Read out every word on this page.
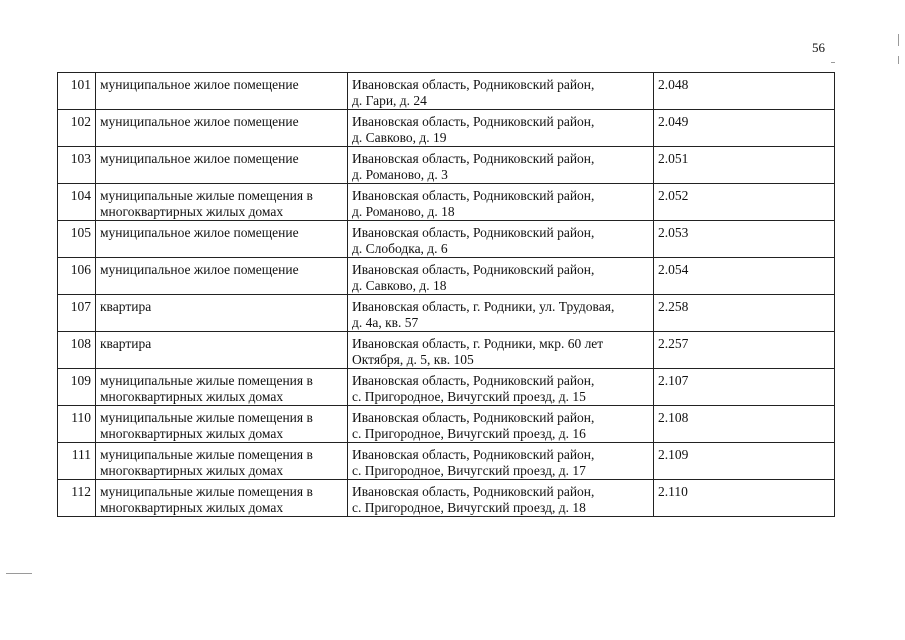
56
101	муниципальное жилое помещение	Ивановская область, Родниковский район,
д. Гари, д. 24	2.048
102	муниципальное жилое помещение	Ивановская область, Родниковский район,
д. Савково, д. 19	2.049
103	муниципальное жилое помещение	Ивановская область, Родниковский район,
д. Романово, д. 3	2.051
104	муниципальные жилые помещения в многоквартирных жилых домах	Ивановская область, Родниковский район,
д. Романово, д. 18	2.052
105	муниципальное жилое помещение	Ивановская область, Родниковский район,
д. Слободка, д. 6	2.053
106	муниципальное жилое помещение	Ивановская область, Родниковский район,
д. Савково, д. 18	2.054
107	квартира	Ивановская область, г. Родники, ул. Трудовая,
д. 4а, кв. 57	2.258
108	квартира	Ивановская область, г. Родники, мкр. 60 лет
Октября, д. 5, кв. 105	2.257
109	муниципальные жилые помещения в многоквартирных жилых домах	Ивановская область, Родниковский район,
с. Пригородное, Вичугский проезд, д. 15	2.107
110	муниципальные жилые помещения в многоквартирных жилых домах	Ивановская область, Родниковский район,
с. Пригородное, Вичугский проезд, д. 16	2.108
111	муниципальные жилые помещения в многоквартирных жилых домах	Ивановская область, Родниковский район,
с. Пригородное, Вичугский проезд, д. 17	2.109
112	муниципальные жилые помещения в многоквартирных жилых домах	Ивановская область, Родниковский район,
с. Пригородное, Вичугский проезд, д. 18	2.110
